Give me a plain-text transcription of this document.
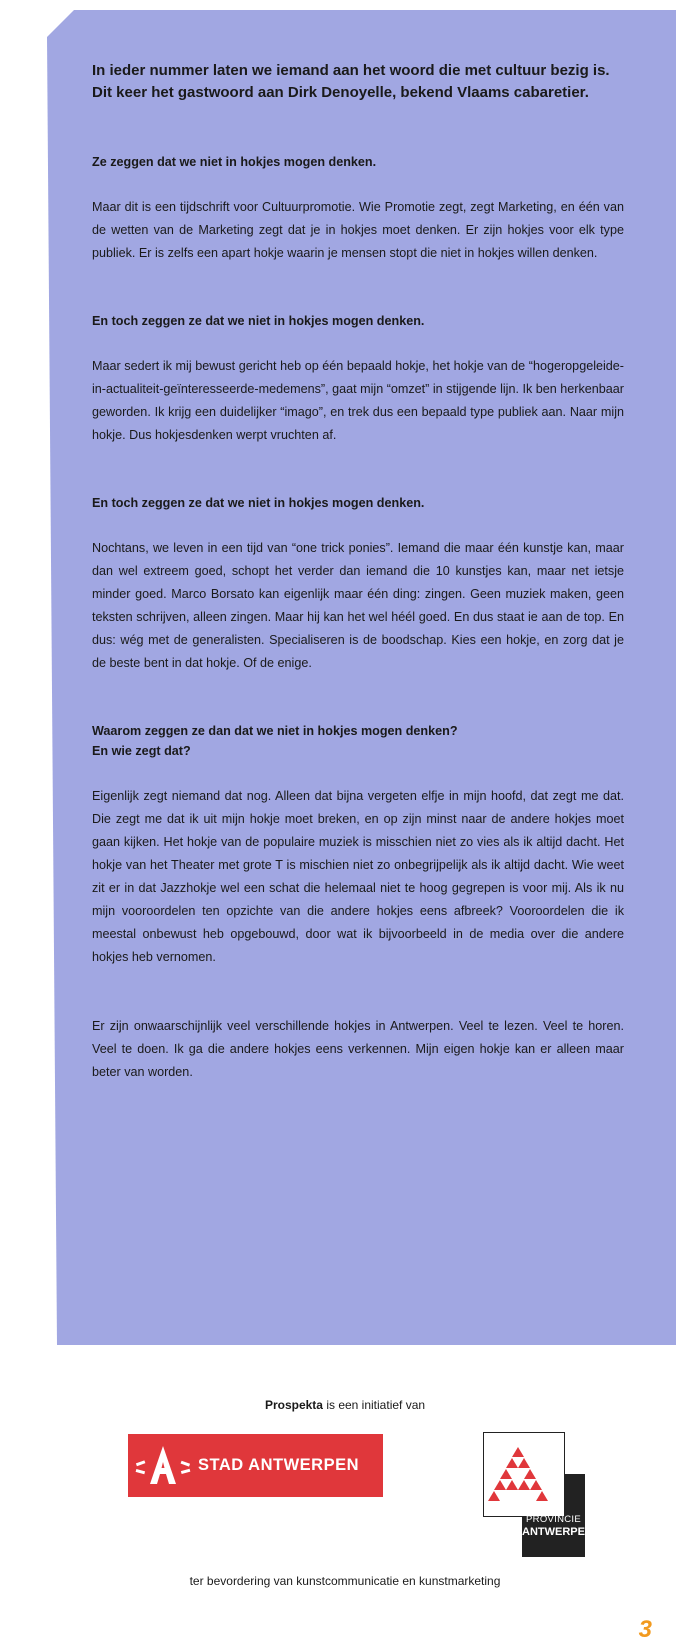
In ieder nummer laten we iemand aan het woord die met cultuur bezig is. Dit keer het gastwoord aan Dirk Denoyelle, bekend Vlaams cabaretier.

Ze zeggen dat we niet in hokjes mogen denken.

Maar dit is een tijdschrift voor Cultuurpromotie. Wie Promotie zegt, zegt Marketing, en één van de wetten van de Marketing zegt dat je in hokjes moet denken. Er zijn hokjes voor elk type publiek. Er is zelfs een apart hokje waarin je mensen stopt die niet in hokjes willen denken.

En toch zeggen ze dat we niet in hokjes mogen denken.

Maar sedert ik mij bewust gericht heb op één bepaald hokje, het hokje van de “hogeropgeleide-in-actualiteit-geïnteresseerde-medemens”, gaat mijn “omzet” in stijgende lijn. Ik ben herkenbaar geworden. Ik krijg een duidelijker “imago”, en trek dus een bepaald type publiek aan. Naar mijn hokje. Dus hokjesdenken werpt vruchten af.

En toch zeggen ze dat we niet in hokjes mogen denken.

Nochtans, we leven in een tijd van “one trick ponies”. Iemand die maar één kunstje kan, maar dan wel extreem goed, schopt het verder dan iemand die 10 kunstjes kan, maar net ietsje minder goed. Marco Borsato kan eigenlijk maar één ding: zingen. Geen muziek maken, geen teksten schrijven, alleen zingen. Maar hij kan het wel héél goed. En dus staat ie aan de top. En dus: wég met de generalisten. Specialiseren is de boodschap. Kies een hokje, en zorg dat je de beste bent in dat hokje. Of de enige.

Waarom zeggen ze dan dat we niet in hokjes mogen denken?

En wie zegt dat?

Eigenlijk zegt niemand dat nog. Alleen dat bijna vergeten elfje in mijn hoofd, dat zegt me dat. Die zegt me dat ik uit mijn hokje moet breken, en op zijn minst naar de andere hokjes moet gaan kijken. Het hokje van de populaire muziek is misschien niet zo vies als ik altijd dacht. Het hokje van het Theater met grote T is mischien niet zo onbegrijpelijk als ik altijd dacht. Wie weet zit er in dat Jazzhokje wel een schat die helemaal niet te hoog gegrepen is voor mij. Als ik nu mijn vooroordelen ten opzichte van die andere hokjes eens afbreek? Vooroordelen die ik meestal onbewust heb opgebouwd, door wat ik bijvoorbeeld in de media over die andere hokjes heb vernomen.

Er zijn onwaarschijnlijk veel verschillende hokjes in Antwerpen. Veel te lezen. Veel te horen. Veel te doen. Ik ga die andere hokjes eens verkennen. Mijn eigen hokje kan er alleen maar beter van worden.

Prospekta is een initiatief van
STAD ANTWERPEN
PROVINCIE
ANTWERPEN
ter bevordering van kunstcommunicatie en kunstmarketing
3
